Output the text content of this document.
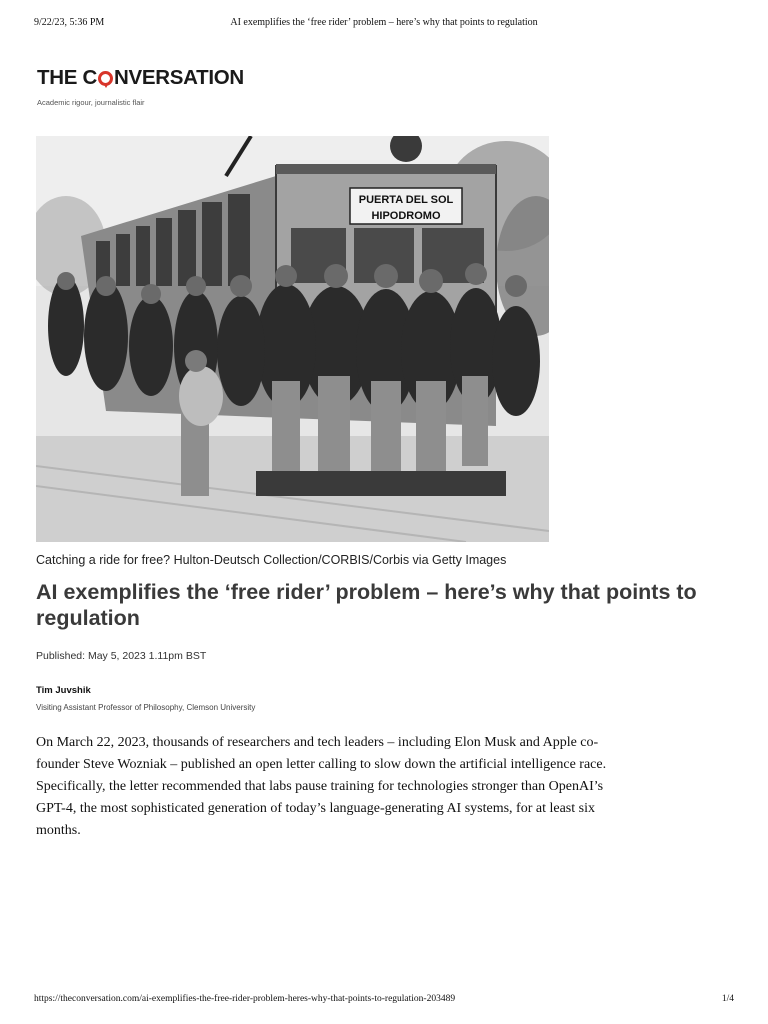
9/22/23, 5:36 PM	AI exemplifies the ‘free rider’ problem – here’s why that points to regulation
THE C NVERSATION
Academic rigour, journalistic flair
PUERTA DEL SOL
HIPODROMO
Catching a ride for free? Hulton-Deutsch Collection/CORBIS/Corbis via Getty Images
AI exemplifies the ‘free rider’ problem – here’s why that points to regulation
Published: May 5, 2023 1.11pm BST
Tim Juvshik
Visiting Assistant Professor of Philosophy, Clemson University

On March 22, 2023, thousands of researchers and tech leaders – including Elon Musk and Apple co-founder Steve Wozniak – published an open letter calling to slow down the artificial intelligence race. Specifically, the letter recommended that labs pause training for technologies stronger than OpenAI’s GPT-4, the most sophisticated generation of today’s language-generating AI systems, for at least six months.

https://theconversation.com/ai-exemplifies-the-free-rider-problem-heres-why-that-points-to-regulation-203489	1/4
